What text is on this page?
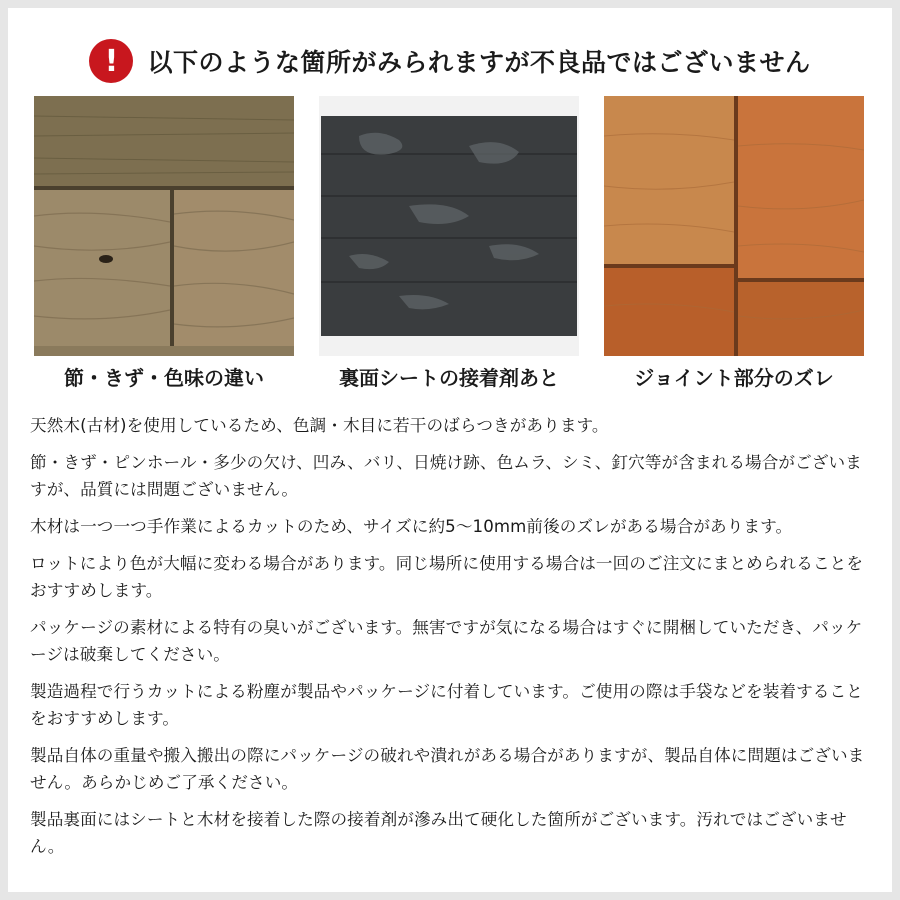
!	以下のような箇所がみられますが不良品ではございません
節・きず・色味の違い	裏面シートの接着剤あと	ジョイント部分のズレ

天然木(古材)を使用しているため、色調・木目に若干のばらつきがあります。

節・きず・ピンホール・多少の欠け、凹み、バリ、日焼け跡、色ムラ、シミ、釘穴等が含まれる場合がございますが、品質には問題ございません。

木材は一つ一つ手作業によるカットのため、サイズに約5〜10mm前後のズレがある場合があります。

ロットにより色が大幅に変わる場合があります。同じ場所に使用する場合は一回のご注文にまとめられることをおすすめします。

パッケージの素材による特有の臭いがございます。無害ですが気になる場合はすぐに開梱していただき、パッケージは破棄してください。

製造過程で行うカットによる粉塵が製品やパッケージに付着しています。ご使用の際は手袋などを装着することをおすすめします。

製品自体の重量や搬入搬出の際にパッケージの破れや潰れがある場合がありますが、製品自体に問題はございません。あらかじめご了承ください。

製品裏面にはシートと木材を接着した際の接着剤が滲み出て硬化した箇所がございます。汚れではございません。
